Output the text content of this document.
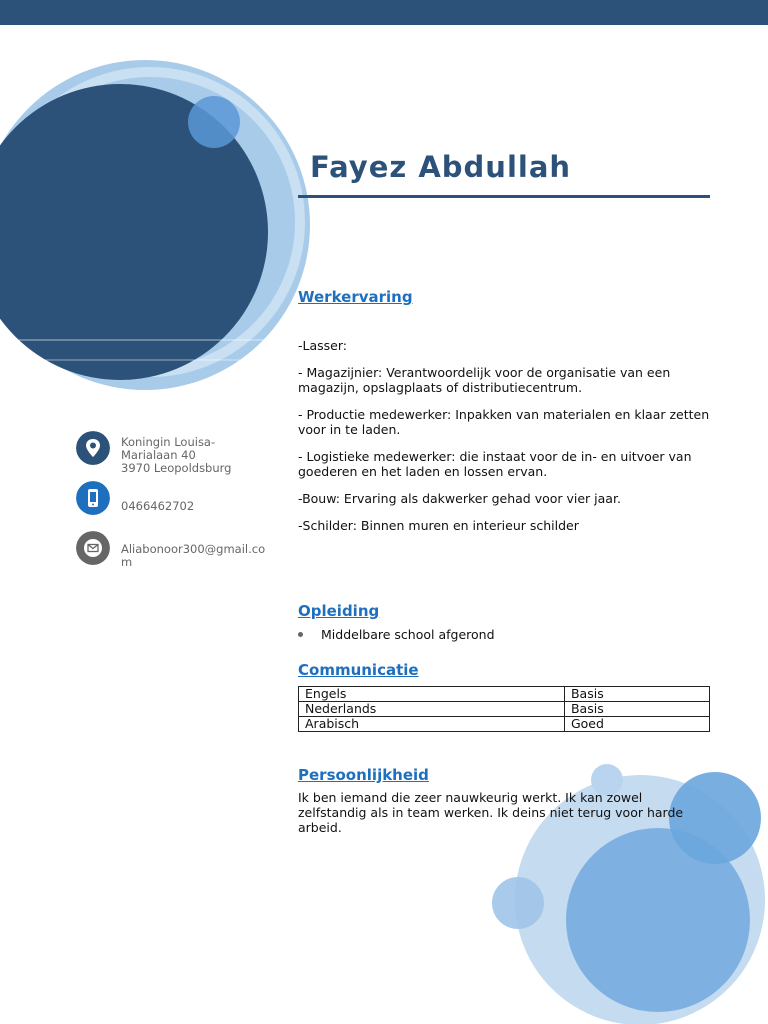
Fayez Abdullah
Werkervaring

-Lasser:

- Magazijnier: Verantwoordelijk voor de organisatie van een magazijn, opslagplaats of distributiecentrum.

- Productie medewerker: Inpakken van materialen en klaar zetten voor in te laden.

- Logistieke medewerker: die instaat voor de in- en uitvoer van goederen en het laden en lossen ervan.

-Bouw: Ervaring als dakwerker gehad voor vier jaar.

-Schilder: Binnen muren en interieur schilder

Opleiding
Middelbare school afgerond
Communicatie
Engels	Basis
Nederlands	Basis
Arabisch	Goed
Persoonlijkheid
Ik ben iemand die zeer nauwkeurig werkt. Ik kan zowel zelfstandig als in team werken. Ik deins niet terug voor harde arbeid.
Koningin Louisa-
Marialaan 40
3970 Leopoldsburg
0466462702
Aliabonoor300@gmail.co
m
